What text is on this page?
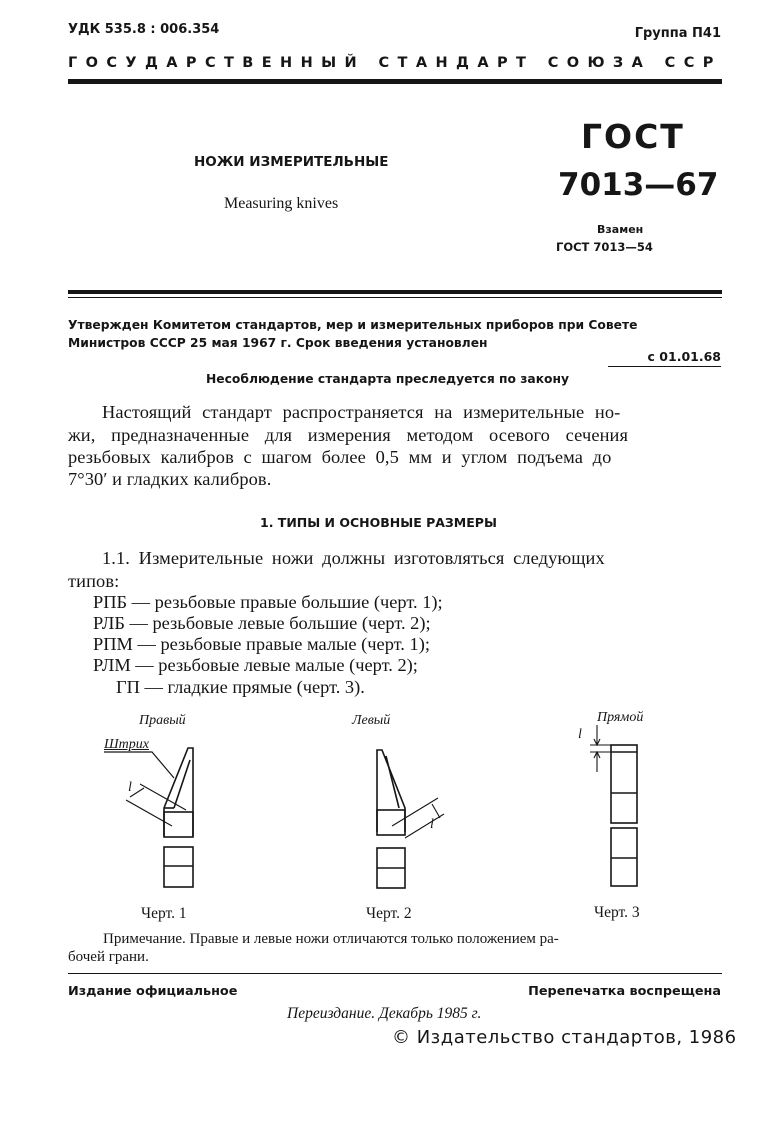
УДК 535.8 : 006.354	Группа П41
ГОСУДАРСТВЕННЫЙ СТАНДАРТ СОЮЗА ССР
НОЖИ ИЗМЕРИТЕЛЬНЫЕ
Measuring knives
ГОСТ
7013—67
Взамен
ГОСТ 7013—54
Утвержден Комитетом стандартов, мер и измерительных приборов при Совете
Министров СССР 25 мая 1967 г. Срок введения установлен
с 01.01.68
Несоблюдение стандарта преследуется по закону
Настоящий стандарт распространяется на измерительные но-
жи, предназначенные для измерения методом осевого сечения
резьбовых калибров с шагом более 0,5 мм и углом подъема до
7°30′ и гладких калибров.
1. ТИПЫ И ОСНОВНЫЕ РАЗМЕРЫ
1.1. Измерительные ножи должны изготовляться следующих
типов:
РПБ — резьбовые правые большие (черт. 1);
РЛБ — резьбовые левые большие (черт. 2);
РПМ — резьбовые правые малые (черт. 1);
РЛМ — резьбовые левые малые (черт. 2);
ГП — гладкие прямые (черт. 3).
Правый
Штрих
l
Левый
l
Прямой
l
Черт. 1	Черт. 2	Черт. 3
Примечание. Правые и левые ножи отличаются только положением ра-
бочей грани.
Издание официальное	Перепечатка воспрещена
Переиздание. Декабрь 1985 г.
© Издательство стандартов, 1986
